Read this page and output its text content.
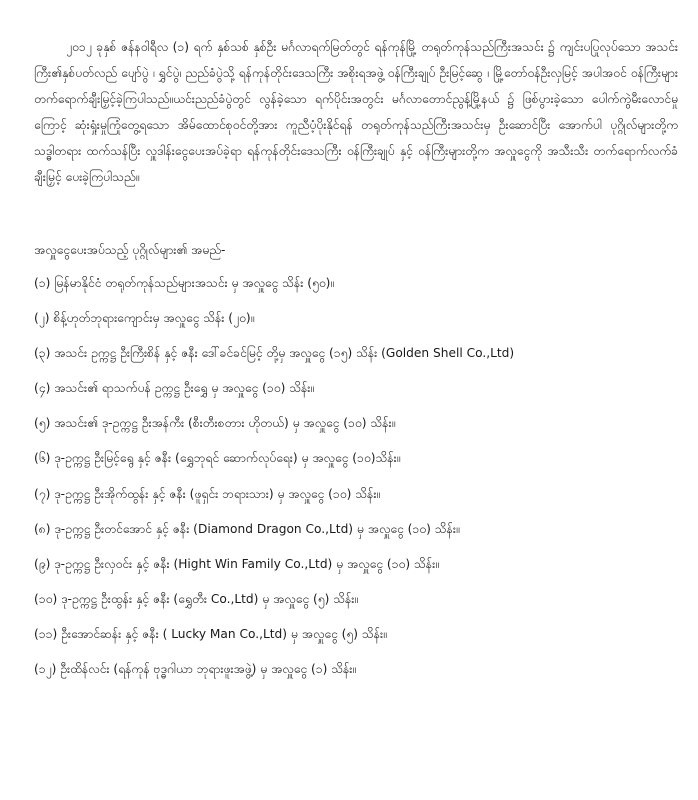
၂၀၁၂ ခုနှစ် ဇန်နဝါရီလ (၁) ရက် နှစ်သစ် နှစ်ဦး မင်္ဂလာရက်မြတ်တွင် ရန်ကုန်မြို့ တရုတ်ကုန်သည်ကြီးအသင်း ၌ ကျင်းပပြုလုပ်သော အသင်းကြီး၏နှစ်ပတ်လည် ပျော်ပွဲ ၊ ရွှင်ပွဲ၊ ညည်ခံပွဲသို့ ရန်ကုန်တိုင်းဒေသကြီး အစိုးရအဖွဲ့ ဝန်ကြီးချုပ် ဦးမြင့်ဆွေ ၊ မြို့တော်ဝန်ဦးလှမြင့် အပါအဝင် ဝန်ကြီးများတက်ရောက်ချီးမြှင့်ခဲ့ကြပါသည်။ယင်းညည်ခံပွဲတွင် လွန်ခဲ့သော ရက်ပိုင်းအတွင်း မင်္ဂလာတောင်ညွန့်မြို့နယ် ၌ ဖြစ်ပွားခဲ့သော ပေါက်ကွဲမီးလောင်မှုကြောင့် ဆုံးရှုံးမှုကြုံတွေ့ရသော အိမ်ထောင်စုဝင်တို့အား ကူညီပံ့ပိုးနိုင်ရန် တရုတ်ကုန်သည်ကြီးအသင်းမှ ဦးဆောင်ပြီး အောက်ပါ ပုဂ္ဂိုလ်များတို့က သဒ္ဓါတရား ထက်သန်ပြီး လှူဒါန်းငွေပေးအပ်ခဲ့ရာ ရန်ကုန်တိုင်းဒေသကြီး ဝန်ကြီးချုပ် နှင့် ဝန်ကြီးများတို့က အလှူငွေကို အသီးသီး တက်ရောက်လက်ခံချီးမြှင့် ပေးခဲ့ကြပါသည်။

အလှူငွေပေးအပ်သည့် ပုဂ္ဂိုလ်များ၏ အမည်-

(၁) မြန်မာနိုင်ငံ တရုတ်ကုန်သည်များအသင်း မှ အလှူငွေ သိန်း (၅၀)။
(၂) စိန့်ဟုတ်ဘုရားကျောင်းမှ အလှူငွေ သိန်း (၂၀)။
(၃) အသင်း ဥက္ကဋ္ဌ ဦးကြီးစိန် နှင့် ဇနီး ဒေါ်ခင်ခင်မြင့် တို့မှ အလှူငွေ (၁၅) သိန်း (Golden Shell Co.,Ltd)
(၄) အသင်း၏ ရာသက်ပန် ဥက္ကဋ္ဌ ဦးရွှေ မှ အလှူငွေ (၁၀) သိန်း။
(၅) အသင်း၏ ဒု-ဥက္ကဋ္ဌ ဦးအန်ကီး (စီးတီးစတား ဟိုတယ်) မှ အလှူငွေ (၁၀) သိန်း။
(၆) ဒု-ဥက္ကဋ္ဌ ဦးမြင့်ရွေ နှင့် ဇနီး (ရွှေဘုရင် ဆောက်လုပ်ရေး) မှ အလှူငွေ (၁၀)သိန်း။
(၇) ဒု-ဥက္ကဋ္ဌ ဦးအိုက်ထွန်း နှင့် ဇနီး (ဖူရှင်း ဘရားသား) မှ အလှူငွေ (၁၀) သိန်း။
(၈) ဒု-ဥက္ကဋ္ဌ ဦးတင်အောင် နှင့် ဇနီး (Diamond Dragon Co.,Ltd) မှ အလှူငွေ (၁၀) သိန်း။
(၉) ဒု-ဥက္ကဋ္ဌ ဦးလှဝင်း နှင့် ဇနီး (Hight Win Family Co.,Ltd) မှ အလှူငွေ (၁၀) သိန်း။
(၁၀) ဒု-ဥက္ကဋ္ဌ ဦးထွန်း နှင့် ဇနီး (ရွှေတီး Co.,Ltd) မှ အလှူငွေ (၅) သိန်း။
(၁၁) ဦးအောင်ဆန်း နှင့် ဇနီး ( Lucky Man Co.,Ltd) မှ အလှူငွေ (၅) သိန်း။
(၁၂) ဦးထိန်လင်း (ရန်ကုန် ဗုဒ္ဓဂါယာ ဘုရားဖူးအဖွဲ့) မှ အလှူငွေ (၁) သိန်း။
